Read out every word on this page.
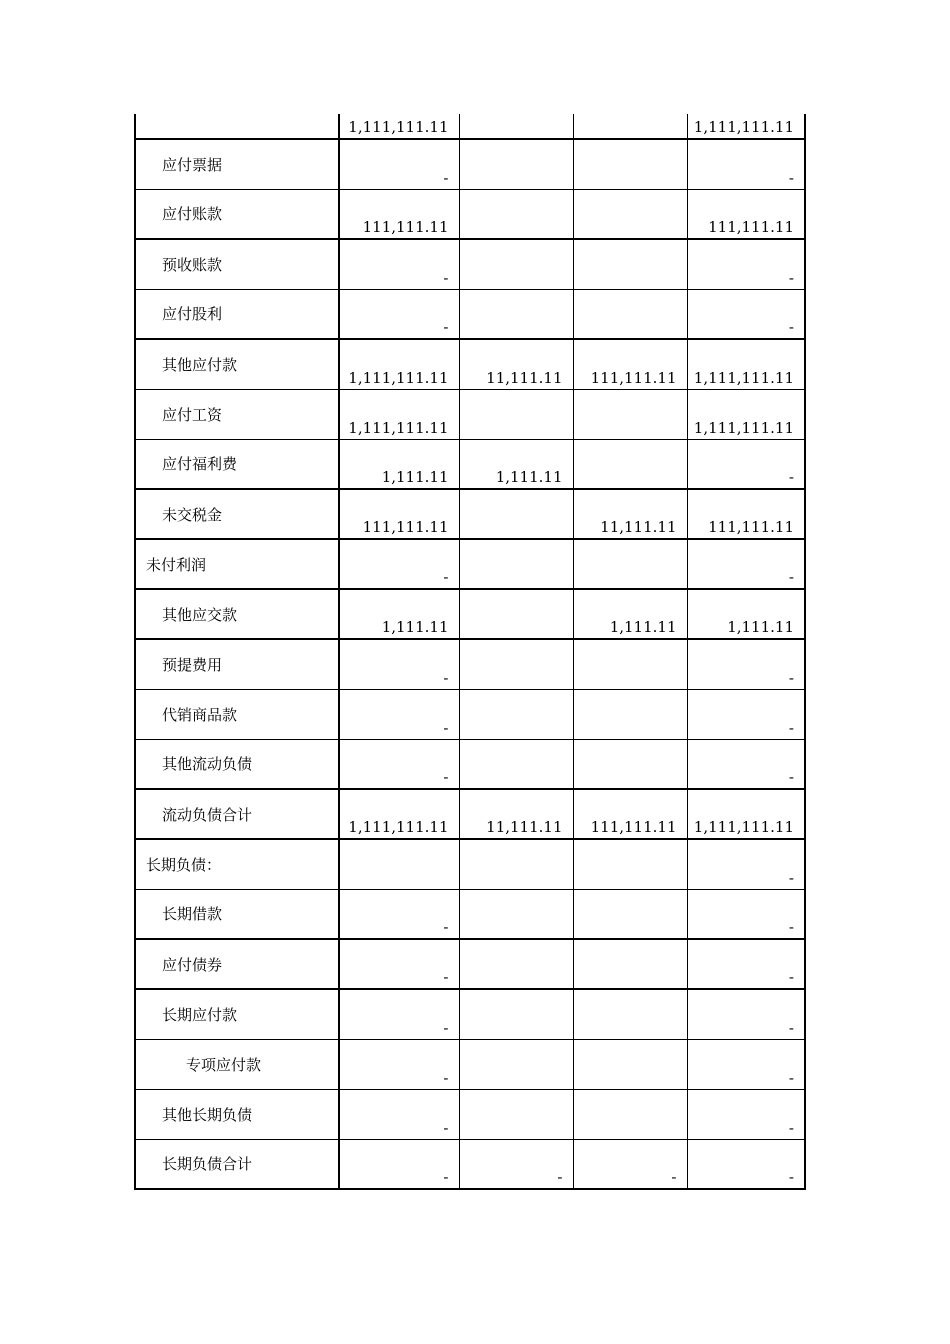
	1,111,111.11			1,111,111.11
应付票据	-			-
应付账款	111,111.11			111,111.11
预收账款	-			-
应付股利	-			-
其他应付款	1,111,111.11	11,111.11	111,111.11	1,111,111.11
应付工资	1,111,111.11			1,111,111.11
应付福利费	1,111.11	1,111.11		-
未交税金	111,111.11		11,111.11	111,111.11
未付利润	-			-
其他应交款	1,111.11		1,111.11	1,111.11
预提费用	-			-
代销商品款	-			-
其他流动负债	-			-
流动负债合计	1,111,111.11	11,111.11	111,111.11	1,111,111.11
长期负债：				-
长期借款	-			-
应付债券	-			-
长期应付款	-			-
专项应付款	-			-
其他长期负债	-			-
长期负债合计	-	-	-	-
